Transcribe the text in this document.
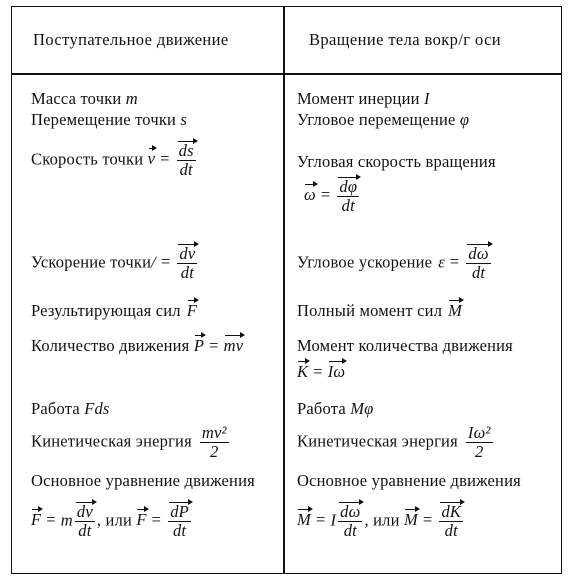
Поступательное движение	Вращение тела вокр/г оси
Масса точки m
Перемещение точки s
Скорость точки $v = \frac{ds}{dt}$
Ускорение точки/ = $\frac{dv}{dt}$
Результирующая сил F
Количество движения P = mv
Работа Fds
Кинетическая энергия $\frac{\text{mv²}}{2}$
Основное уравнение движения
F = m $\frac{dv}{dt}$ , или $F = \frac{dP}{dt}$
Момент инерции I
Угловое перемещение φ
Угловая скорость вращения
$\omega = \frac{d\varphi}{dt}$
Угловое ускорение $\varepsilon = \frac{d\omega}{dt}$
Полный момент сил M
Момент количества движения
K = Iω
Работа Mφ
Кинетическая энергия $\frac{\text{Iω²}}{2}$
Основное уравнение движения
M = I $\frac{d\omega}{dt}$ , или $M = \frac{dK}{dt}$
